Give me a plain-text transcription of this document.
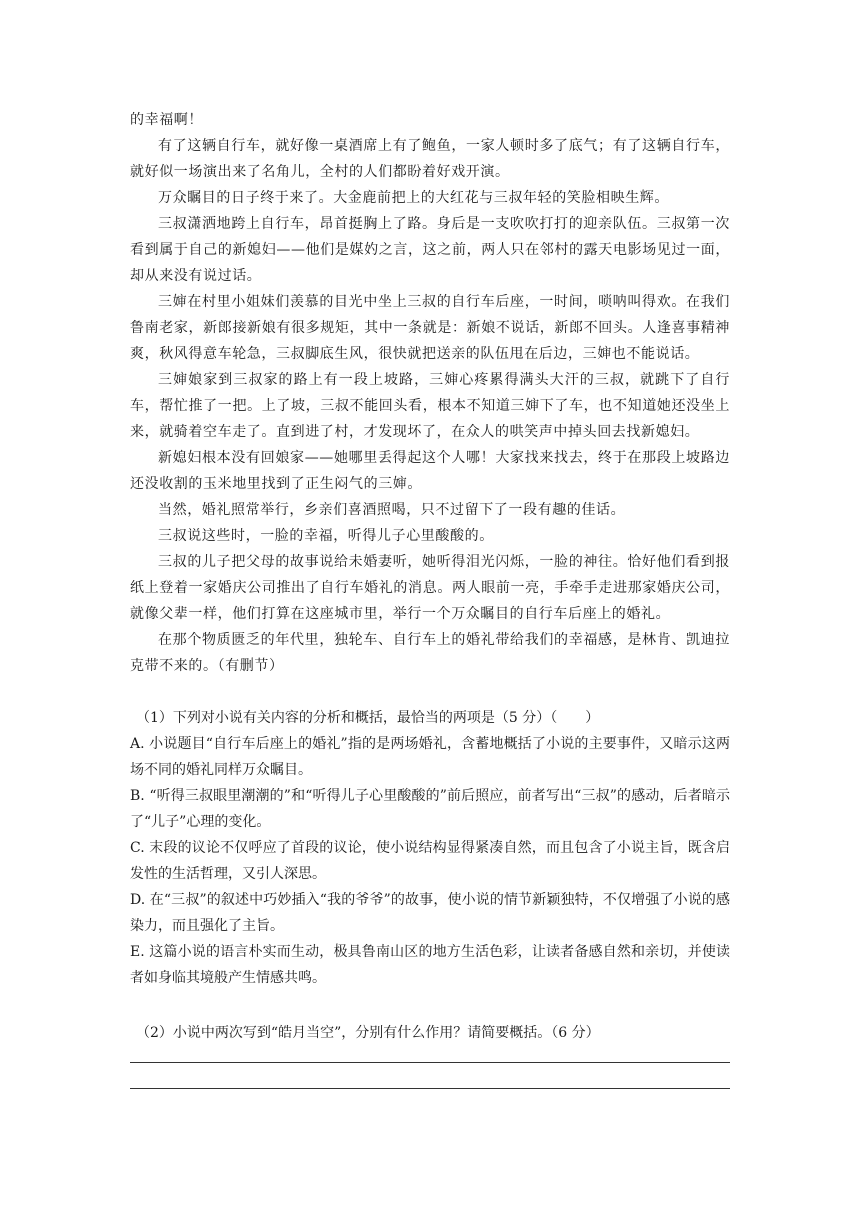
的幸福啊！

有了这辆自行车，就好像一桌酒席上有了鲍鱼，一家人顿时多了底气；有了这辆自行车，就好似一场演出来了名角儿，全村的人们都盼着好戏开演。

万众瞩目的日子终于来了。大金鹿前把上的大红花与三叔年轻的笑脸相映生辉。

三叔潇洒地跨上自行车，昂首挺胸上了路。身后是一支吹吹打打的迎亲队伍。三叔第一次看到属于自己的新媳妇——他们是媒妁之言，这之前，两人只在邻村的露天电影场见过一面，却从来没有说过话。

三婶在村里小姐妹们羡慕的目光中坐上三叔的自行车后座，一时间，唢呐叫得欢。在我们鲁南老家，新郎接新娘有很多规矩，其中一条就是：新娘不说话，新郎不回头。人逢喜事精神爽，秋风得意车轮急，三叔脚底生风，很快就把送亲的队伍甩在后边，三婶也不能说话。

三婶娘家到三叔家的路上有一段上坡路，三婶心疼累得满头大汗的三叔，就跳下了自行车，帮忙推了一把。上了坡，三叔不能回头看，根本不知道三婶下了车，也不知道她还没坐上来，就骑着空车走了。直到进了村，才发现坏了，在众人的哄笑声中掉头回去找新媳妇。

新媳妇根本没有回娘家——她哪里丢得起这个人哪！大家找来找去，终于在那段上坡路边还没收割的玉米地里找到了正生闷气的三婶。

当然，婚礼照常举行，乡亲们喜酒照喝，只不过留下了一段有趣的佳话。

三叔说这些时，一脸的幸福，听得儿子心里酸酸的。

三叔的儿子把父母的故事说给未婚妻听，她听得泪光闪烁，一脸的神往。恰好他们看到报纸上登着一家婚庆公司推出了自行车婚礼的消息。两人眼前一亮，手牵手走进那家婚庆公司，就像父辈一样，他们打算在这座城市里，举行一个万众瞩目的自行车后座上的婚礼。

在那个物质匮乏的年代里，独轮车、自行车上的婚礼带给我们的幸福感，是林肯、凯迪拉克带不来的。（有删节）

（1）下列对小说有关内容的分析和概括，最恰当的两项是（5 分）（　　）

A. 小说题目“自行车后座上的婚礼”指的是两场婚礼，含蓄地概括了小说的主要事件，又暗示这两场不同的婚礼同样万众瞩目。

B. “听得三叔眼里潮潮的”和“听得儿子心里酸酸的”前后照应，前者写出“三叔”的感动，后者暗示了“儿子”心理的变化。

C. 末段的议论不仅呼应了首段的议论，使小说结构显得紧凑自然，而且包含了小说主旨，既含启发性的生活哲理，又引人深思。

D. 在“三叔”的叙述中巧妙插入“我的爷爷”的故事，使小说的情节新颖独特，不仅增强了小说的感染力，而且强化了主旨。

E. 这篇小说的语言朴实而生动，极具鲁南山区的地方生活色彩，让读者备感自然和亲切，并使读者如身临其境般产生情感共鸣。

（2）小说中两次写到“皓月当空”，分别有什么作用？请简要概括。（6 分）
